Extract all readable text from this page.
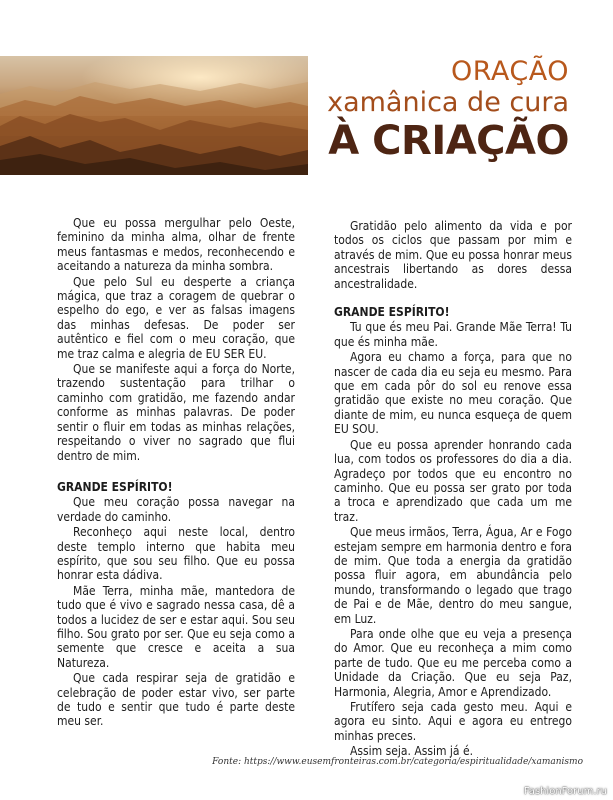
ORAÇÃO
xamânica de cura
À CRIAÇÃO

Que eu possa mergulhar pelo Oeste, feminino da minha alma, olhar de frente meus fantasmas e medos, reconhecendo e aceitando a natureza da minha sombra.

Que pelo Sul eu desperte a criança mágica, que traz a coragem de quebrar o espelho do ego, e ver as falsas imagens das minhas defesas. De poder ser autêntico e fiel com o meu coração, que me traz calma e alegria de EU SER EU.

Que se manifeste aqui a força do Norte, trazendo sustentação para trilhar o caminho com gratidão, me fazendo andar conforme as minhas palavras. De poder sentir o fluir em todas as minhas relações, respeitando o viver no sagrado que flui dentro de mim.

GRANDE ESPÍRITO!

Que meu coração possa navegar na verdade do caminho.

Reconheço aqui neste local, dentro deste templo interno que habita meu espírito, que sou seu filho. Que eu possa honrar esta dádiva.

Mãe Terra, minha mãe, mantedora de tudo que é vivo e sagrado nessa casa, dê a todos a lucidez de ser e estar aqui. Sou seu filho. Sou grato por ser. Que eu seja como a semente que cresce e aceita a sua Natureza.

Que cada respirar seja de gratidão e celebração de poder estar vivo, ser parte de tudo e sentir que tudo é parte deste meu ser.

Gratidão pelo alimento da vida e por todos os ciclos que passam por mim e através de mim. Que eu possa honrar meus ancestrais libertando as dores dessa ancestralidade.

GRANDE ESPÍRITO!

Tu que és meu Pai. Grande Mãe Terra! Tu que és minha mãe.

Agora eu chamo a força, para que no nascer de cada dia eu seja eu mesmo. Para que em cada pôr do sol eu renove essa gratidão que existe no meu coração. Que diante de mim, eu nunca esqueça de quem EU SOU.

Que eu possa aprender honrando cada lua, com todos os professores do dia a dia. Agradeço por todos que eu encontro no caminho. Que eu possa ser grato por toda a troca e aprendizado que cada um me traz.

Que meus irmãos, Terra, Água, Ar e Fogo estejam sempre em harmonia dentro e fora de mim. Que toda a energia da gratidão possa fluir agora, em abundância pelo mundo, transformando o legado que trago de Pai e de Mãe, dentro do meu sangue, em Luz.

Para onde olhe que eu veja a presença do Amor. Que eu reconheça a mim como parte de tudo. Que eu me perceba como a Unidade da Criação. Que eu seja Paz, Harmonia, Alegria, Amor e Aprendizado.

Frutífero seja cada gesto meu. Aqui e agora eu sinto. Aqui e agora eu entrego minhas preces.

Assim seja. Assim já é.

Fonte: https://www.eusemfronteiras.com.br/categoria/espiritualidade/xamanismo
FashionForum.ru
